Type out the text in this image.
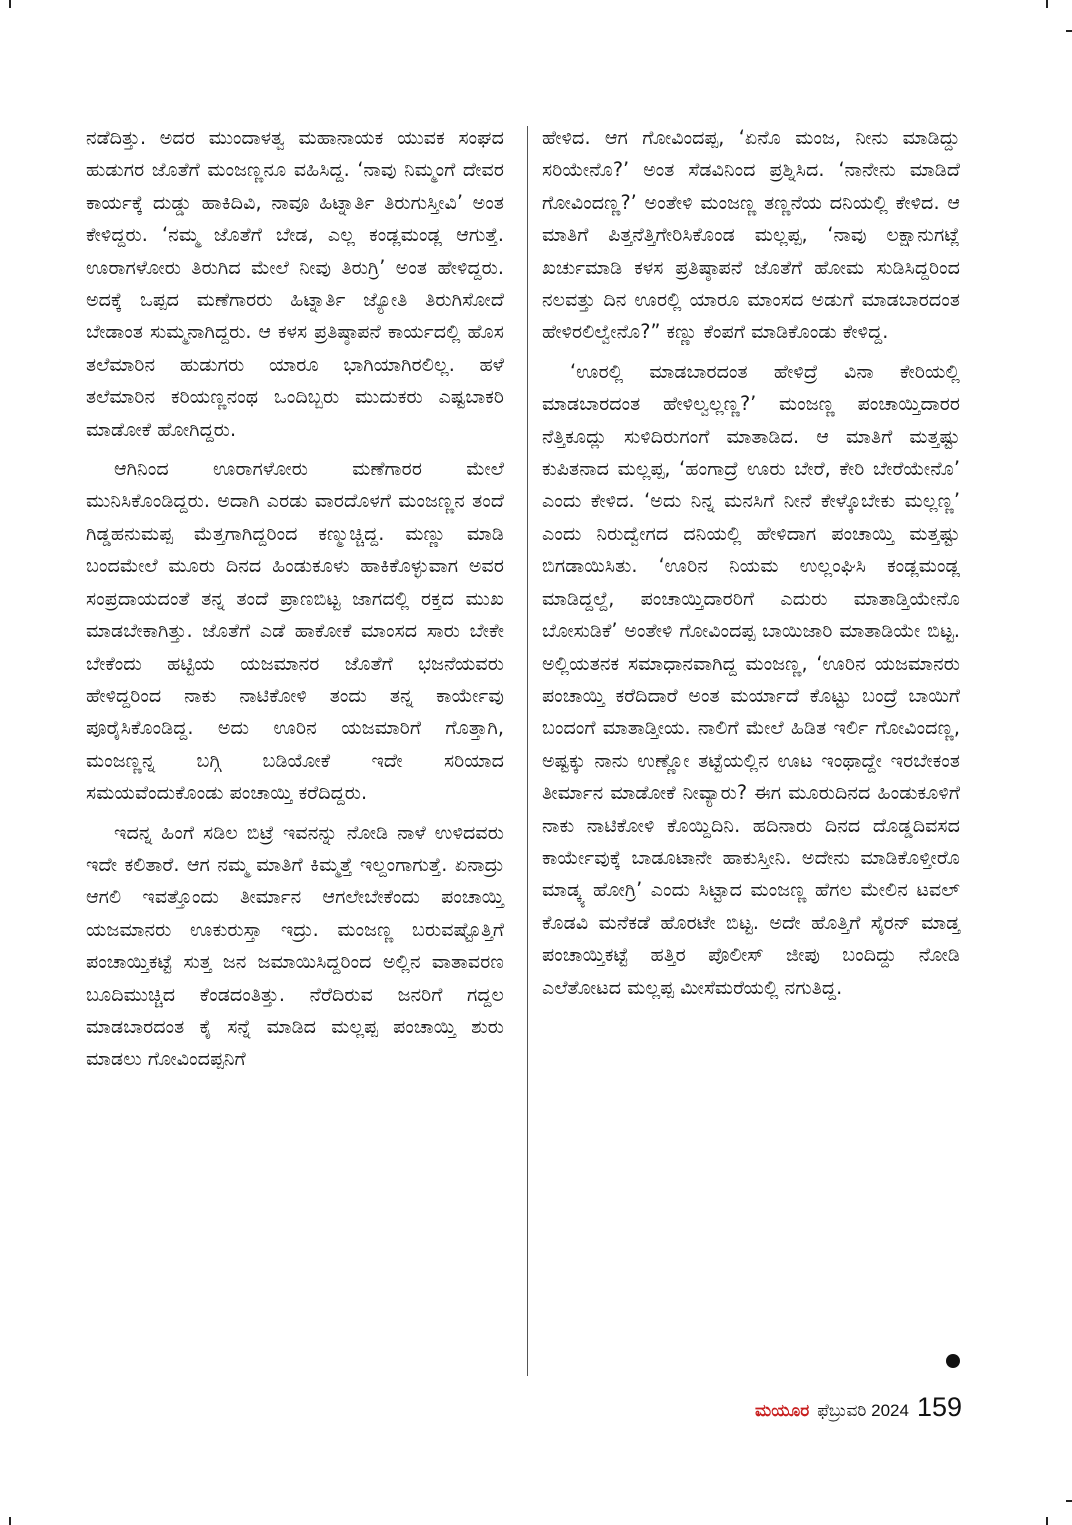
ನಡೆದಿತ್ತು. ಅದರ ಮುಂದಾಳತ್ವ ಮಹಾನಾಯಕ ಯುವಕ ಸಂಘದ ಹುಡುಗರ ಜೊತೆಗೆ ಮಂಜಣ್ಣನೂ ವಹಿಸಿದ್ದ. ‘ನಾವು ನಿಮ್ಮಂಗೆ ದೇವರ ಕಾರ್ಯಕ್ಕೆ ದುಡ್ಡು ಹಾಕಿದಿವಿ, ನಾವೂ ಹಿಟ್ನಾರ್ತಿ ತಿರುಗುಸ್ತೀವಿ’ ಅಂತ ಕೇಳಿದ್ದರು. ‘ನಮ್ಮ ಜೊತೆಗೆ ಬೇಡ, ಎಲ್ಲ ಕಂಡ್ಲಮಂಡ್ಲ ಆಗುತ್ತೆ. ಊರಾಗಳೋರು ತಿರುಗಿದ ಮೇಲೆ ನೀವು ತಿರುಗ್ರಿ’ ಅಂತ ಹೇಳಿದ್ದರು. ಅದಕ್ಕೆ ಒಪ್ಪದ ಮಣೆಗಾರರು ಹಿಟ್ನಾರ್ತಿ ಜ್ಯೋತಿ ತಿರುಗಿಸೋದೆ ಬೇಡಾಂತ ಸುಮ್ಮನಾಗಿದ್ದರು. ಆ ಕಳಸ ಪ್ರತಿಷ್ಠಾಪನೆ ಕಾರ್ಯದಲ್ಲಿ ಹೊಸ ತಲೆಮಾರಿನ ಹುಡುಗರು ಯಾರೂ ಭಾಗಿಯಾಗಿರಲಿಲ್ಲ. ಹಳೆ ತಲೆಮಾರಿನ ಕರಿಯಣ್ಣನಂಥ ಒಂದಿಬ್ಬರು ಮುದುಕರು ಎಷ್ಟಬಾಕರಿ ಮಾಡೋಕೆ ಹೋಗಿದ್ದರು.

ಆಗಿನಿಂದ ಊರಾಗಳೋರು ಮಣೆಗಾರರ ಮೇಲೆ ಮುನಿಸಿಕೊಂಡಿದ್ದರು. ಅದಾಗಿ ಎರಡು ವಾರದೊಳಗೆ ಮಂಜಣ್ಣನ ತಂದೆ ಗಿಡ್ಡಹನುಮಪ್ಪ ಮೆತ್ತಗಾಗಿದ್ದರಿಂದ ಕಣ್ಮುಚ್ಚಿದ್ದ. ಮಣ್ಣು ಮಾಡಿ ಬಂದಮೇಲೆ ಮೂರು ದಿನದ ಹಿಂಡುಕೂಳು ಹಾಕಿಕೊಳ್ಳುವಾಗ ಅವರ ಸಂಪ್ರದಾಯದಂತೆ ತನ್ನ ತಂದೆ ಪ್ರಾಣಬಿಟ್ಟ ಜಾಗದಲ್ಲಿ ರಕ್ತದ ಮುಖ ಮಾಡಬೇಕಾಗಿತ್ತು. ಜೊತೆಗೆ ಎಡೆ ಹಾಕೋಕೆ ಮಾಂಸದ ಸಾರು ಬೇಕೇ ಬೇಕೆಂದು ಹಟ್ಟಿಯ ಯಜಮಾನರ ಜೊತೆಗೆ ಭಜನೆಯವರು ಹೇಳಿದ್ದರಿಂದ ನಾಕು ನಾಟಿಕೋಳಿ ತಂದು ತನ್ನ ಕಾರ್ಯೇವು ಪೂರೈಸಿಕೊಂಡಿದ್ದ. ಅದು ಊರಿನ ಯಜಮಾರಿಗೆ ಗೊತ್ತಾಗಿ, ಮಂಜಣ್ಣನ್ನ ಬಗ್ಗಿ ಬಡಿಯೋಕೆ ಇದೇ ಸರಿಯಾದ ಸಮಯವೆಂದುಕೊಂಡು ಪಂಚಾಯ್ತಿ ಕರೆದಿದ್ದರು.

ಇದನ್ನ ಹಿಂಗೆ ಸಡಿಲ ಬಿಟ್ರೆ ಇವನನ್ನು ನೋಡಿ ನಾಳೆ ಉಳಿದವರು ಇದೇ ಕಲಿತಾರೆ. ಆಗ ನಮ್ಮ ಮಾತಿಗೆ ಕಿಮ್ಮತ್ತೆ ಇಲ್ದಂಗಾಗುತ್ತೆ. ಏನಾದ್ರು ಆಗಲಿ ಇವತ್ತೊಂದು ತೀರ್ಮಾನ ಆಗಲೇಬೇಕೆಂದು ಪಂಚಾಯ್ತಿ ಯಜಮಾನರು ಊಕುರುಸ್ತಾ ಇದ್ರು. ಮಂಜಣ್ಣ ಬರುವಷ್ಟೊತ್ತಿಗೆ ಪಂಚಾಯ್ತಿಕಟ್ಟೆ ಸುತ್ತ ಜನ ಜಮಾಯಿಸಿದ್ದರಿಂದ ಅಲ್ಲಿನ ವಾತಾವರಣ ಬೂದಿಮುಚ್ಚಿದ ಕೆಂಡದಂತಿತ್ತು. ನೆರೆದಿರುವ ಜನರಿಗೆ ಗದ್ದಲ ಮಾಡಬಾರದಂತ ಕೈ ಸನ್ನೆ ಮಾಡಿದ ಮಲ್ಲಪ್ಪ ಪಂಚಾಯ್ತಿ ಶುರು ಮಾಡಲು ಗೋವಿಂದಪ್ಪನಿಗೆ

ಹೇಳಿದ. ಆಗ ಗೋವಿಂದಪ್ಪ, ‘ಏನೊ ಮಂಜ, ನೀನು ಮಾಡಿದ್ದು ಸರಿಯೇನೊ?’ ಅಂತ ಸೆಡವಿನಿಂದ ಪ್ರಶ್ನಿಸಿದ. ‘ನಾನೇನು ಮಾಡಿದೆ ಗೋವಿಂದಣ್ಣ?’ ಅಂತೇಳಿ ಮಂಜಣ್ಣ ತಣ್ಣನೆಯ ದನಿಯಲ್ಲಿ ಕೇಳಿದ. ಆ ಮಾತಿಗೆ ಪಿತ್ತನೆತ್ತಿಗೇರಿಸಿಕೊಂಡ ಮಲ್ಲಪ್ಪ, ‘ನಾವು ಲಕ್ಷಾನುಗಟ್ಲೆ ಖರ್ಚುಮಾಡಿ ಕಳಸ ಪ್ರತಿಷ್ಠಾಪನೆ ಜೊತೆಗೆ ಹೋಮ ಸುಡಿಸಿದ್ದರಿಂದ ನಲವತ್ತು ದಿನ ಊರಲ್ಲಿ ಯಾರೂ ಮಾಂಸದ ಅಡುಗೆ ಮಾಡಬಾರದಂತ ಹೇಳಿರಲಿಲ್ವೇನೊ?” ಕಣ್ಣು ಕೆಂಪಗೆ ಮಾಡಿಕೊಂಡು ಕೇಳಿದ್ದ.

‘ಊರಲ್ಲಿ ಮಾಡಬಾರದಂತ ಹೇಳಿದ್ರೆ ವಿನಾ ಕೇರಿಯಲ್ಲಿ ಮಾಡಬಾರದಂತ ಹೇಳಿಲ್ವಲ್ಲಣ್ಣ?’ ಮಂಜಣ್ಣ ಪಂಚಾಯ್ತಿದಾರರ ನೆತ್ತಿಕೂದ್ಲು ಸುಳಿದಿರುಗಂಗೆ ಮಾತಾಡಿದ. ಆ ಮಾತಿಗೆ ಮತ್ತಷ್ಟು ಕುಪಿತನಾದ ಮಲ್ಲಪ್ಪ, ‘ಹಂಗಾದ್ರೆ ಊರು ಬೇರೆ, ಕೇರಿ ಬೇರೆಯೇನೊ’ ಎಂದು ಕೇಳಿದ. ‘ಅದು ನಿನ್ನ ಮನಸಿಗೆ ನೀನೆ ಕೇಳ್ಕೊಬೇಕು ಮಲ್ಲಣ್ಣ’ ಎಂದು ನಿರುದ್ವೇಗದ ದನಿಯಲ್ಲಿ ಹೇಳಿದಾಗ ಪಂಚಾಯ್ತಿ ಮತ್ತಷ್ಟು ಬಿಗಡಾಯಿಸಿತು. ‘ಊರಿನ ನಿಯಮ ಉಲ್ಲಂಘಿಸಿ ಕಂಡ್ಲಮಂಡ್ಲ ಮಾಡಿದ್ದಲ್ದೆ, ಪಂಚಾಯ್ತಿದಾರರಿಗೆ ಎದುರು ಮಾತಾಡ್ತಿಯೇನೊ ಬೋಸುಡಿಕೆ’ ಅಂತೇಳಿ ಗೋವಿಂದಪ್ಪ ಬಾಯಿಜಾರಿ ಮಾತಾಡಿಯೇ ಬಿಟ್ಟ. ಅಲ್ಲಿಯತನಕ ಸಮಾಧಾನವಾಗಿದ್ದ ಮಂಜಣ್ಣ, ‘ಊರಿನ ಯಜಮಾನರು ಪಂಚಾಯ್ತಿ ಕರೆದಿದಾರೆ ಅಂತ ಮರ್ಯಾದೆ ಕೊಟ್ಟು ಬಂದ್ರೆ ಬಾಯಿಗೆ ಬಂದಂಗೆ ಮಾತಾಡ್ತೀಯ. ನಾಲಿಗೆ ಮೇಲೆ ಹಿಡಿತ ಇರ್ಲಿ ಗೋವಿಂದಣ್ಣ, ಅಷ್ಟಕ್ಕು ನಾನು ಉಣ್ಣೋ ತಟ್ಟೆಯಲ್ಲಿನ ಊಟ ಇಂಥಾದ್ದೇ ಇರಬೇಕಂತ ತೀರ್ಮಾನ ಮಾಡೋಕೆ ನೀವ್ಯಾರು? ಈಗ ಮೂರುದಿನದ ಹಿಂಡುಕೂಳಿಗೆ ನಾಕು ನಾಟಿಕೋಳಿ ಕೊಯ್ದಿದಿನಿ. ಹದಿನಾರು ದಿನದ ದೊಡ್ಡದಿವಸದ ಕಾರ್ಯೇವುಕ್ಕೆ ಬಾಡೂಟಾನೇ ಹಾಕುಸ್ತೀನಿ. ಅದೇನು ಮಾಡಿಕೊಳ್ತೀರೊ ಮಾಡ್ಕ್ಯ ಹೋಗ್ರಿ’ ಎಂದು ಸಿಟ್ಟಾದ ಮಂಜಣ್ಣ ಹೆಗಲ ಮೇಲಿನ ಟವಲ್ ಕೊಡವಿ ಮನೆಕಡೆ ಹೊರಟೇ ಬಿಟ್ಟ. ಅದೇ ಹೊತ್ತಿಗೆ ಸೈರನ್ ಮಾಡ್ತ ಪಂಚಾಯ್ತಿಕಟ್ಟೆ ಹತ್ತಿರ ಪೊಲೀಸ್ ಜೀಪು ಬಂದಿದ್ದು ನೋಡಿ ಎಲೆತೋಟದ ಮಲ್ಲಪ್ಪ ಮೀಸೆಮರೆಯಲ್ಲಿ ನಗುತಿದ್ದ.

ಮಯೂರ ಫೆಬ್ರುವರಿ 2024 159
